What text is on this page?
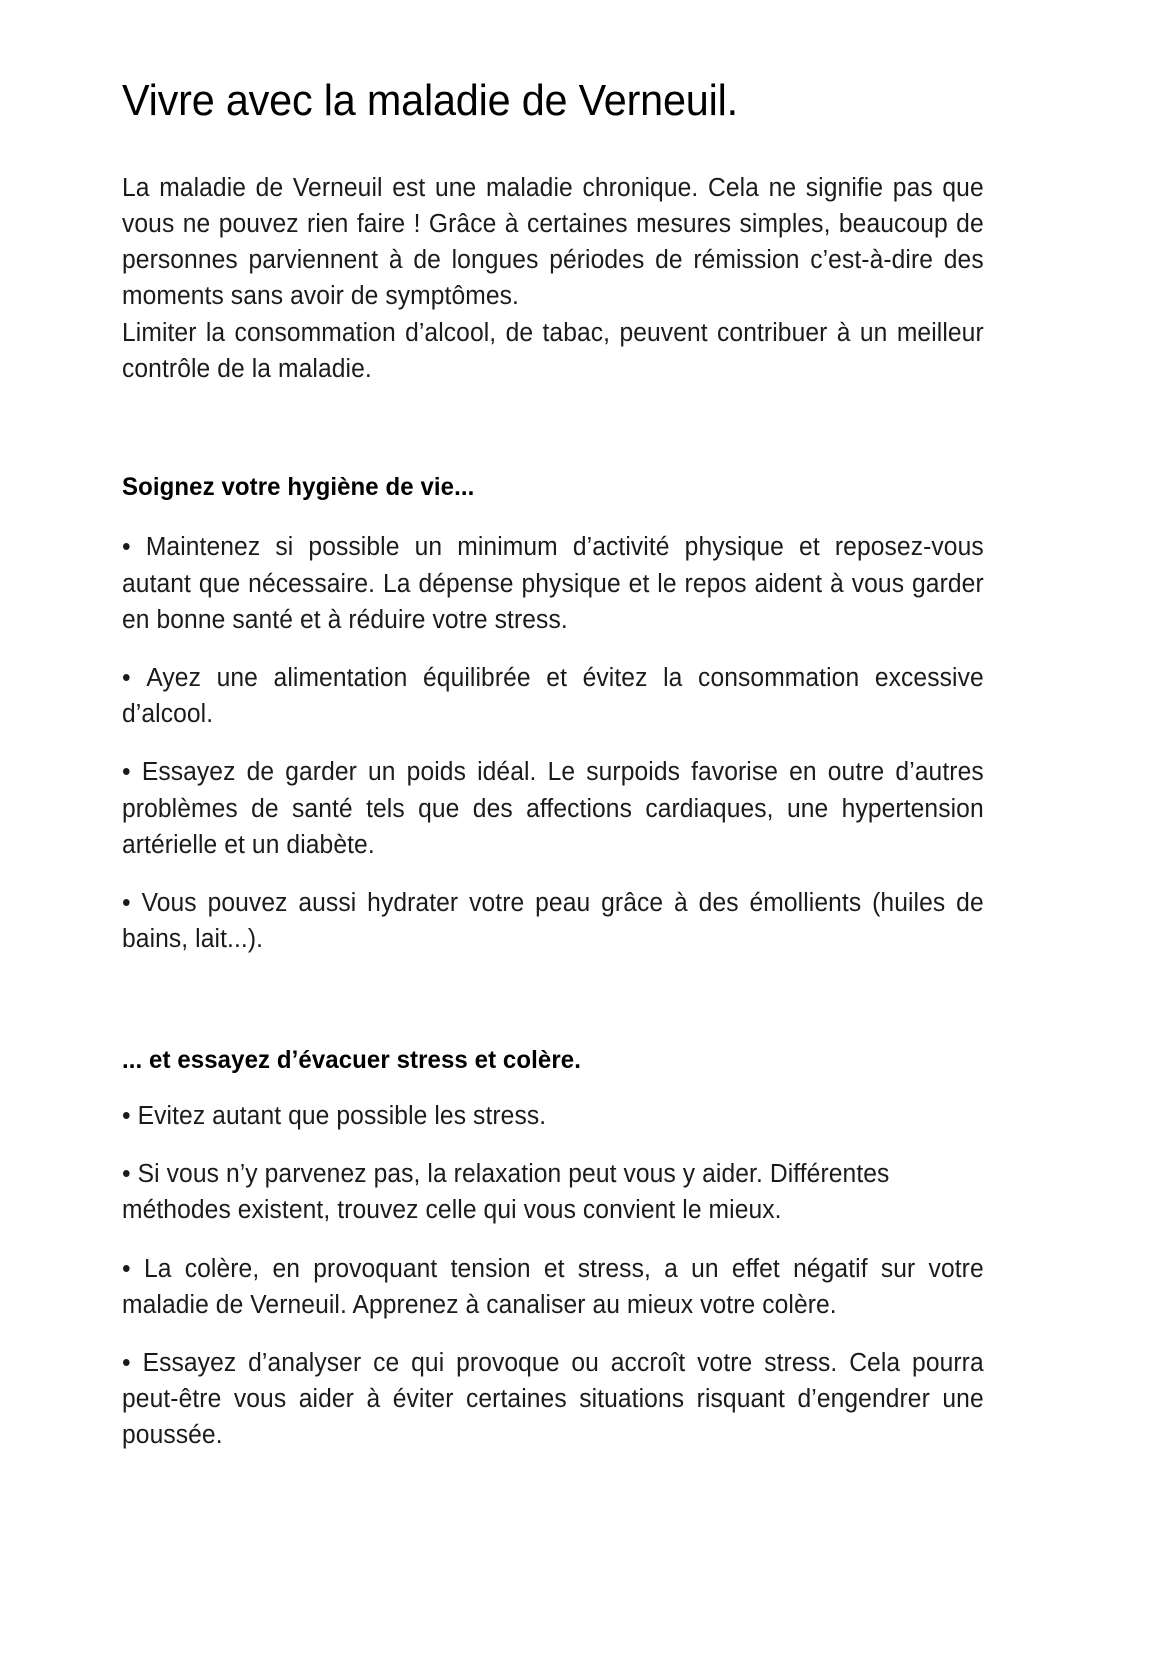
Vivre avec la maladie de Verneuil.

La maladie de Verneuil est une maladie chronique. Cela ne signifie pas que vous ne pouvez rien faire ! Grâce à certaines mesures simples, beaucoup de personnes parviennent à de longues périodes de rémission c’est-à-dire des moments sans avoir de symptômes.

Limiter la consommation d’alcool, de tabac, peuvent contribuer à un meilleur contrôle de la maladie.

Soignez votre hygiène de vie...
• Maintenez si possible un minimum d’activité physique et reposez-vous autant que nécessaire. La dépense physique et le repos aident à vous garder en bonne santé et à réduire votre stress.
• Ayez une alimentation équilibrée et évitez la consommation excessive d’alcool.
• Essayez de garder un poids idéal. Le surpoids favorise en outre d’autres problèmes de santé tels que des affections cardiaques, une hypertension artérielle et un diabète.
• Vous pouvez aussi hydrater votre peau grâce à des émollients (huiles de bains, lait...).
... et essayez d’évacuer stress et colère.
• Evitez autant que possible les stress.
• Si vous n’y parvenez pas, la relaxation peut vous y aider. Différentes méthodes existent, trouvez celle qui vous convient le mieux.
• La colère, en provoquant tension et stress, a un effet négatif sur votre maladie de Verneuil. Apprenez à canaliser au mieux votre colère.
• Essayez d’analyser ce qui provoque ou accroît votre stress. Cela pourra peut-être vous aider à éviter certaines situations risquant d’engendrer une poussée.
